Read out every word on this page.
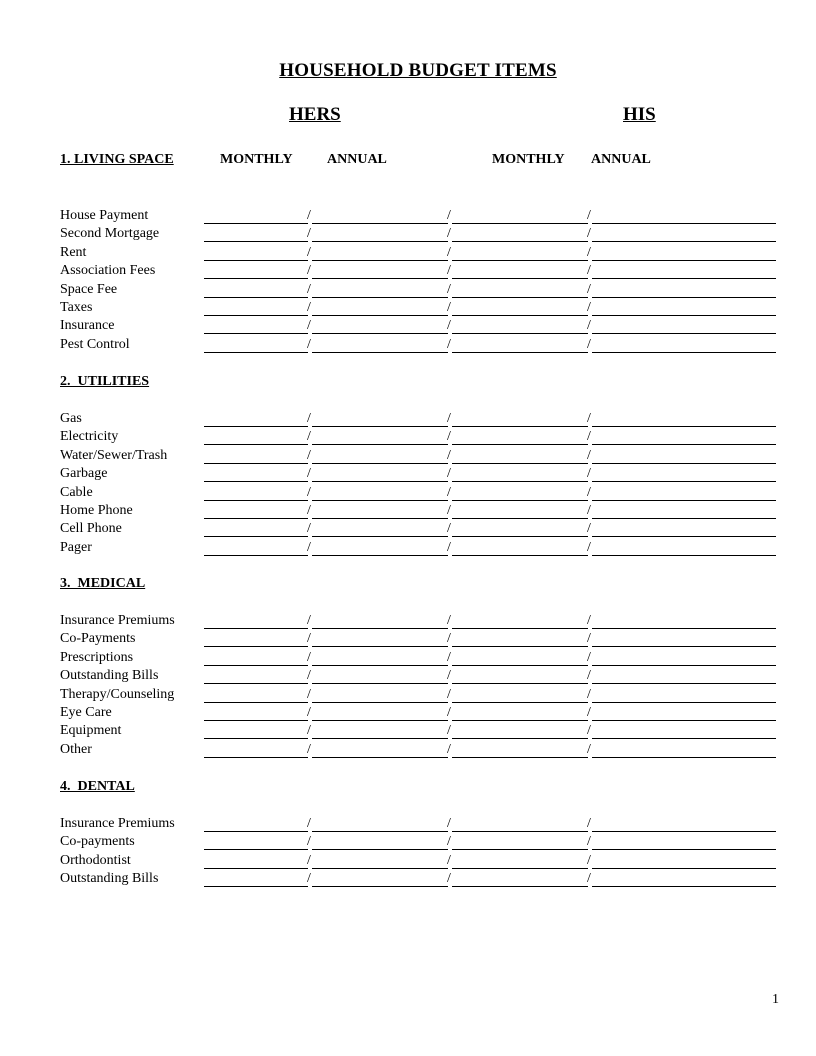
HOUSEHOLD BUDGET ITEMS
HERS	HIS
1. LIVING SPACE	MONTHLY ANNUAL	MONTHLY ANNUAL
House Payment	/	/	/
Second Mortgage	/	/	/
Rent	/	/	/
Association Fees	/	/	/
Space Fee	/	/	/
Taxes	/	/	/
Insurance	/	/	/
Pest Control	/	/	/
2.  UTILITIES
Gas	/	/	/
Electricity	/	/	/
Water/Sewer/Trash	/	/	/
Garbage	/	/	/
Cable	/	/	/
Home Phone	/	/	/
Cell Phone	/	/	/
Pager	/	/	/
3.  MEDICAL
Insurance Premiums	/	/	/
Co-Payments	/	/	/
Prescriptions	/	/	/
Outstanding Bills	/	/	/
Therapy/Counseling	/	/	/
Eye Care	/	/	/
Equipment	/	/	/
Other	/	/	/
4.  DENTAL
Insurance Premiums	/	/	/
Co-payments	/	/	/
Orthodontist	/	/	/
Outstanding Bills	/	/	/
1
